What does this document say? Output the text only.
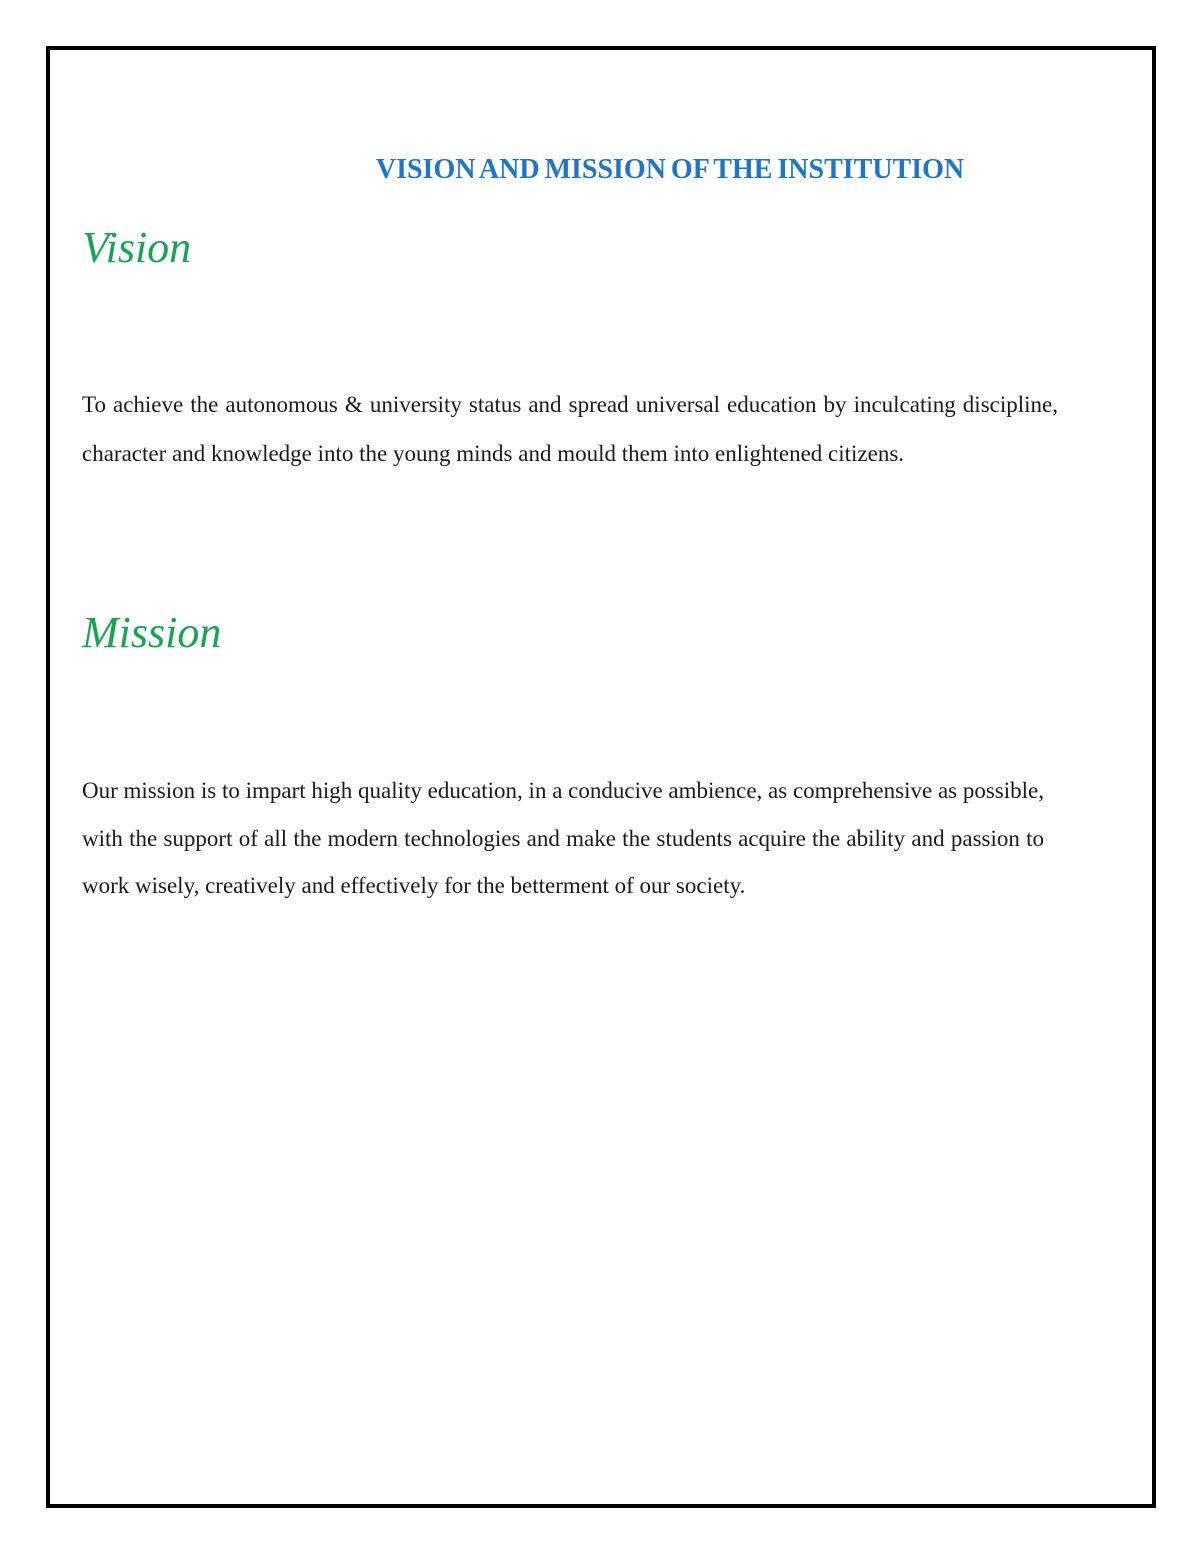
VISION AND MISSION OF THE INSTITUTION
Vision

To achieve the autonomous & university status and spread universal education by inculcating discipline, character and knowledge into the young minds and mould them into enlightened citizens.

Mission

Our mission is to impart high quality education, in a conducive ambience, as comprehensive as possible, with the support of all the modern technologies and make the students acquire the ability and passion to work wisely, creatively and effectively for the betterment of our society.
